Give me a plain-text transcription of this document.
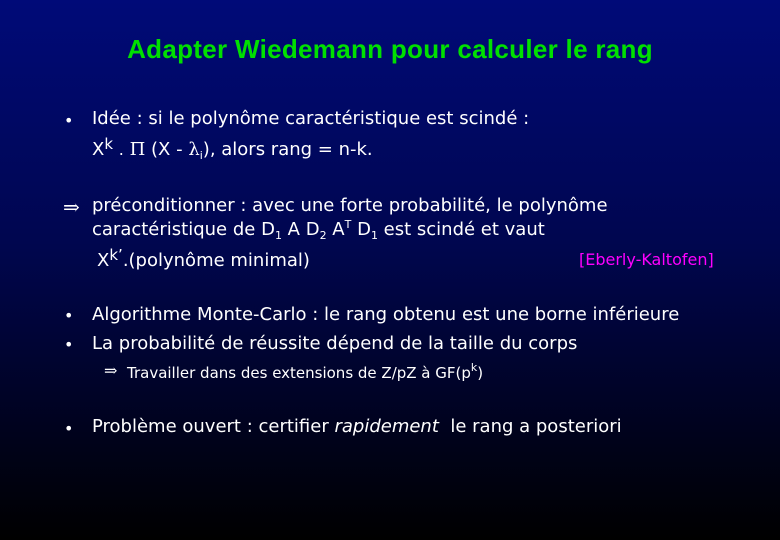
Adapter Wiedemann pour calculer le rang
• Idée : si le polynôme caractéristique est scindé :
$X^k$ . Π $(X - \lambda_i)$, alors rang = n-k.
⇒ préconditionner : avec une forte probabilité, le polynôme
caractéristique de $D_1$ A $D_2$ $A^T$ $D_1$ est scindé et vaut
$X^{k’}.(polynôme$ minimal)	[Eberly-Kaltofen]
• Algorithme Monte-Carlo : le rang obtenu est une borne inférieure
• La probabilité de réussite dépend de la taille du corps
⇒ Travailler dans des extensions de Z/pZ à $GF(p^k)$
• Problème ouvert : certifier rapidement  le rang a posteriori
